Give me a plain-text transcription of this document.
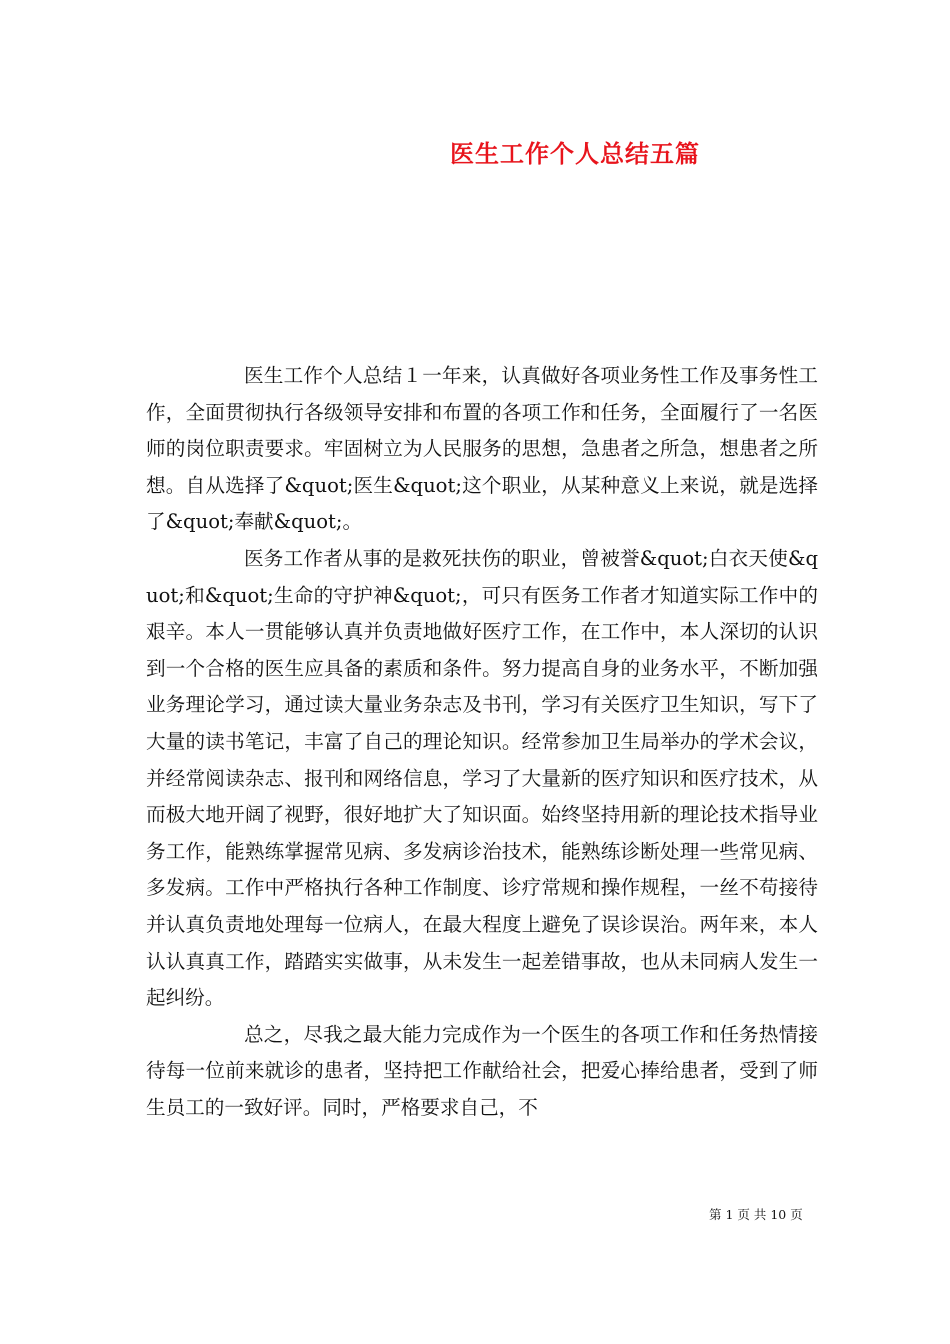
医生工作个人总结五篇

医生工作个人总结１一年来，认真做好各项业务性工作及事务性工作，全面贯彻执行各级领导安排和布置的各项工作和任务，全面履行了一名医师的岗位职责要求。牢固树立为人民服务的思想，急患者之所急，想患者之所想。自从选择了&quot;医生&quot;这个职业，从某种意义上来说，就是选择了&quot;奉献&quot;。

医务工作者从事的是救死扶伤的职业，曾被誉&quot;白衣天使&quot;和&quot;生命的守护神&quot;，可只有医务工作者才知道实际工作中的艰辛。本人一贯能够认真并负责地做好医疗工作，在工作中，本人深切的认识到一个合格的医生应具备的素质和条件。努力提高自身的业务水平，不断加强业务理论学习，通过读大量业务杂志及书刊，学习有关医疗卫生知识，写下了大量的读书笔记，丰富了自己的理论知识。经常参加卫生局举办的学术会议，并经常阅读杂志、报刊和网络信息，学习了大量新的医疗知识和医疗技术，从而极大地开阔了视野，很好地扩大了知识面。始终坚持用新的理论技术指导业务工作，能熟练掌握常见病、多发病诊治技术，能熟练诊断处理一些常见病、多发病。工作中严格执行各种工作制度、诊疗常规和操作规程，一丝不苟接待并认真负责地处理每一位病人，在最大程度上避免了误诊误治。两年来，本人认认真真工作，踏踏实实做事，从未发生一起差错事故，也从未同病人发生一起纠纷。

总之，尽我之最大能力完成作为一个医生的各项工作和任务热情接待每一位前来就诊的患者，坚持把工作献给社会，把爱心捧给患者，受到了师生员工的一致好评。同时，严格要求自己，不

第 1 页 共 10 页
